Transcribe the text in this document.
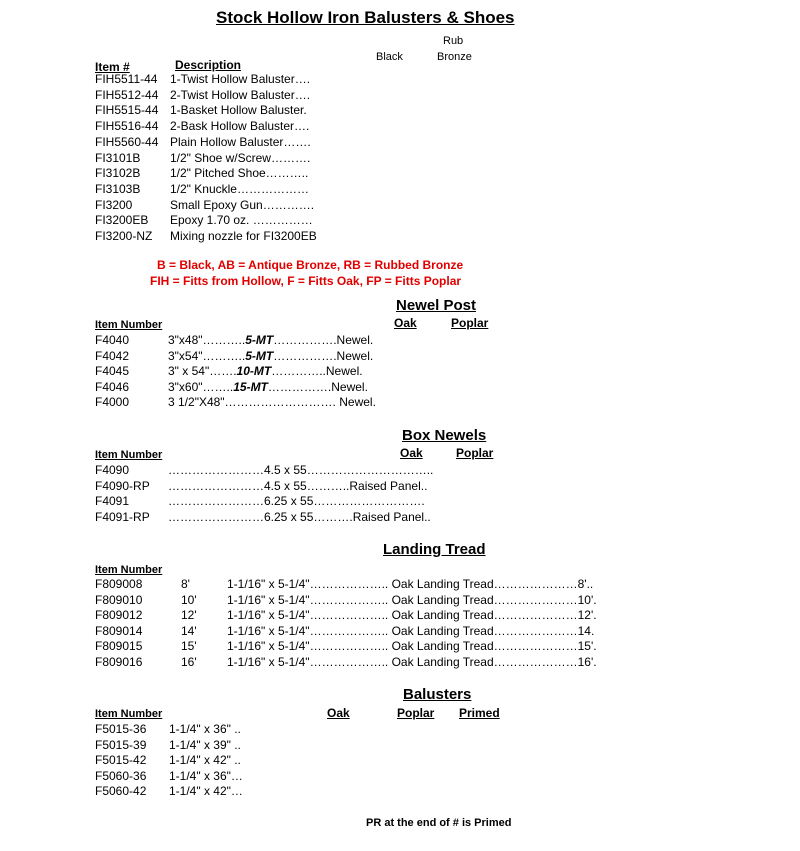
Stock Hollow Iron Balusters & Shoes
Rub
Black	Bronze
Item #	Description
FIH5511-44 1-Twist Hollow Baluster….
FIH5512-44 2-Twist Hollow Baluster….
FIH5515-44 1-Basket Hollow Baluster.
FIH5516-44 2-Bask Hollow Baluster….
FIH5560-44 Plain Hollow Baluster…….
FI3101B 1/2" Shoe w/Screw……….
FI3102B 1/2" Pitched Shoe………..
FI3103B 1/2" Knuckle………………
FI3200	Small Epoxy Gun………….
FI3200EB Epoxy 1.70 oz. ……………
FI3200-NZ Mixing nozzle for FI3200EB
B = Black, AB = Antique Bronze, RB = Rubbed Bronze
FIH = Fitts from Hollow, F = Fitts Oak, FP = Fitts Poplar
Newel Post
Item Number	Oak	Poplar
F4040	3"x48"………..5-MT…………….Newel.
F4042	3"x54"………..5-MT…………….Newel.
F4045	3" x 54"…….10-MT…………..Newel.
F4046	3"x60"……..15-MT…………….Newel.
F4000	3 1/2"X48"………………………. Newel.
Box Newels
Item Number	Oak	Poplar
F4090	……………………4.5 x 55…………………………..
F4090-RP ……………………4.5 x 55………..Raised Panel..
F4091	……………………6.25 x 55……………………….
F4091-RP ……………………6.25 x 55……….Raised Panel..
Landing Tread
Item Number
F809008	8'	1-1/16" x 5-1/4"……………….. Oak Landing Tread…………………8'..
F809010	10'	1-1/16" x 5-1/4"……………….. Oak Landing Tread…………………10'.
F809012	12'	1-1/16" x 5-1/4"……………….. Oak Landing Tread…………………12'.
F809014	14'	1-1/16" x 5-1/4"……………….. Oak Landing Tread…………………14.
F809015	15'	1-1/16" x 5-1/4"……………….. Oak Landing Tread…………………15'.
F809016	16'	1-1/16" x 5-1/4"……………….. Oak Landing Tread…………………16'.
Balusters
Item Number	Oak	Poplar Primed
F5015-36 1-1/4" x 36" ..
F5015-39 1-1/4" x 39" ..
F5015-42 1-1/4" x 42" ..
F5060-36 1-1/4" x 36"…
F5060-42 1-1/4" x 42"…
PR at the end of # is Primed
